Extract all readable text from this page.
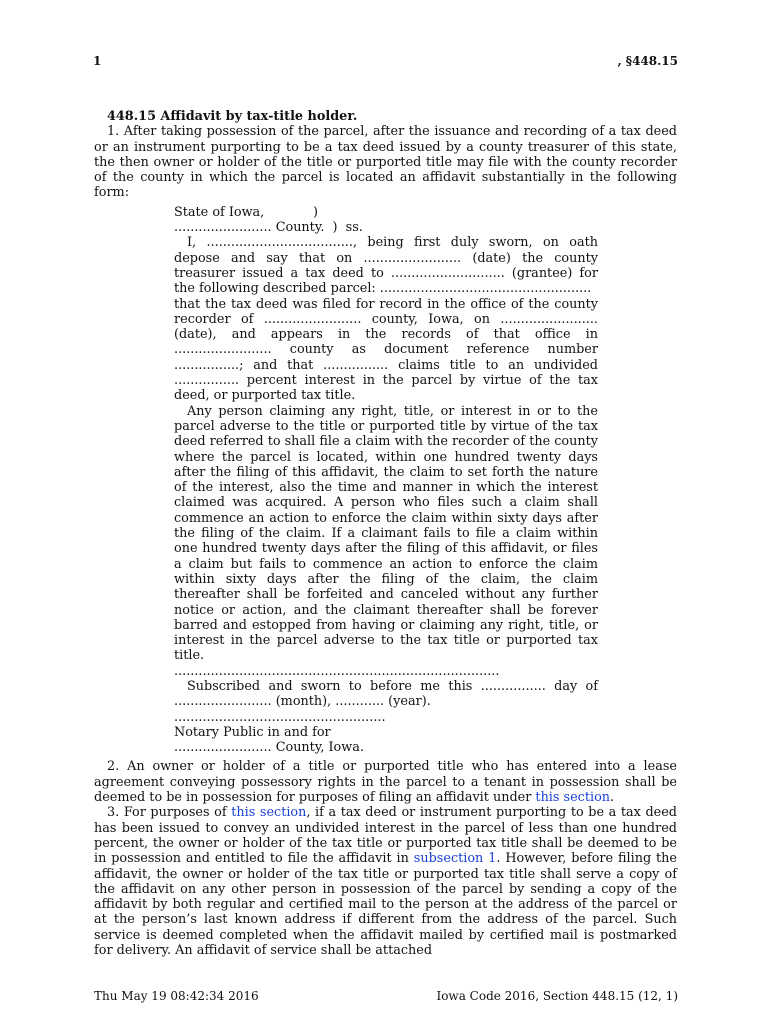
1	, §448.15
448.15 Affidavit by tax-title holder.

1. After taking possession of the parcel, after the issuance and recording of a tax deed or an instrument purporting to be a tax deed issued by a county treasurer of this state, the then owner or holder of the title or purported title may file with the county recorder of the county in which the parcel is located an affidavit substantially in the following form:

State of Iowa,            )
........................ County.  )  ss.

I, ...................................., being first duly sworn, on oath depose and say that on ........................ (date) the county treasurer issued a tax deed to ............................ (grantee) for the following described parcel: ....................................................

that the tax deed was filed for record in the office of the county recorder of ........................ county, Iowa, on ........................ (date), and appears in the records of that office in ........................ county as document reference number ................; and that ................ claims title to an undivided ................ percent interest in the parcel by virtue of the tax deed, or purported tax title.

Any person claiming any right, title, or interest in or to the parcel adverse to the title or purported title by virtue of the tax deed referred to shall file a claim with the recorder of the county where the parcel is located, within one hundred twenty days after the filing of this affidavit, the claim to set forth the nature of the interest, also the time and manner in which the interest claimed was acquired. A person who files such a claim shall commence an action to enforce the claim within sixty days after the filing of the claim. If a claimant fails to file a claim within one hundred twenty days after the filing of this affidavit, or files a claim but fails to commence an action to enforce the claim within sixty days after the filing of the claim, the claim thereafter shall be forfeited and canceled without any further notice or action, and the claimant thereafter shall be forever barred and estopped from having or claiming any right, title, or interest in the parcel adverse to the tax title or purported tax title.

................................................................................

Subscribed and sworn to before me this ................ day of ........................ (month), ............ (year).

....................................................
Notary Public in and for
........................ County, Iowa.

2. An owner or holder of a title or purported title who has entered into a lease agreement conveying possessory rights in the parcel to a tenant in possession shall be deemed to be in possession for purposes of filing an affidavit under this section.

3. For purposes of this section, if a tax deed or instrument purporting to be a tax deed has been issued to convey an undivided interest in the parcel of less than one hundred percent, the owner or holder of the tax title or purported tax title shall be deemed to be in possession and entitled to file the affidavit in subsection 1. However, before filing the affidavit, the owner or holder of the tax title or purported tax title shall serve a copy of the affidavit on any other person in possession of the parcel by sending a copy of the affidavit by both regular and certified mail to the person at the address of the parcel or at the person’s last known address if different from the address of the parcel. Such service is deemed completed when the affidavit mailed by certified mail is postmarked for delivery. An affidavit of service shall be attached

Thu May 19 08:42:34 2016	Iowa Code 2016, Section 448.15 (12, 1)
